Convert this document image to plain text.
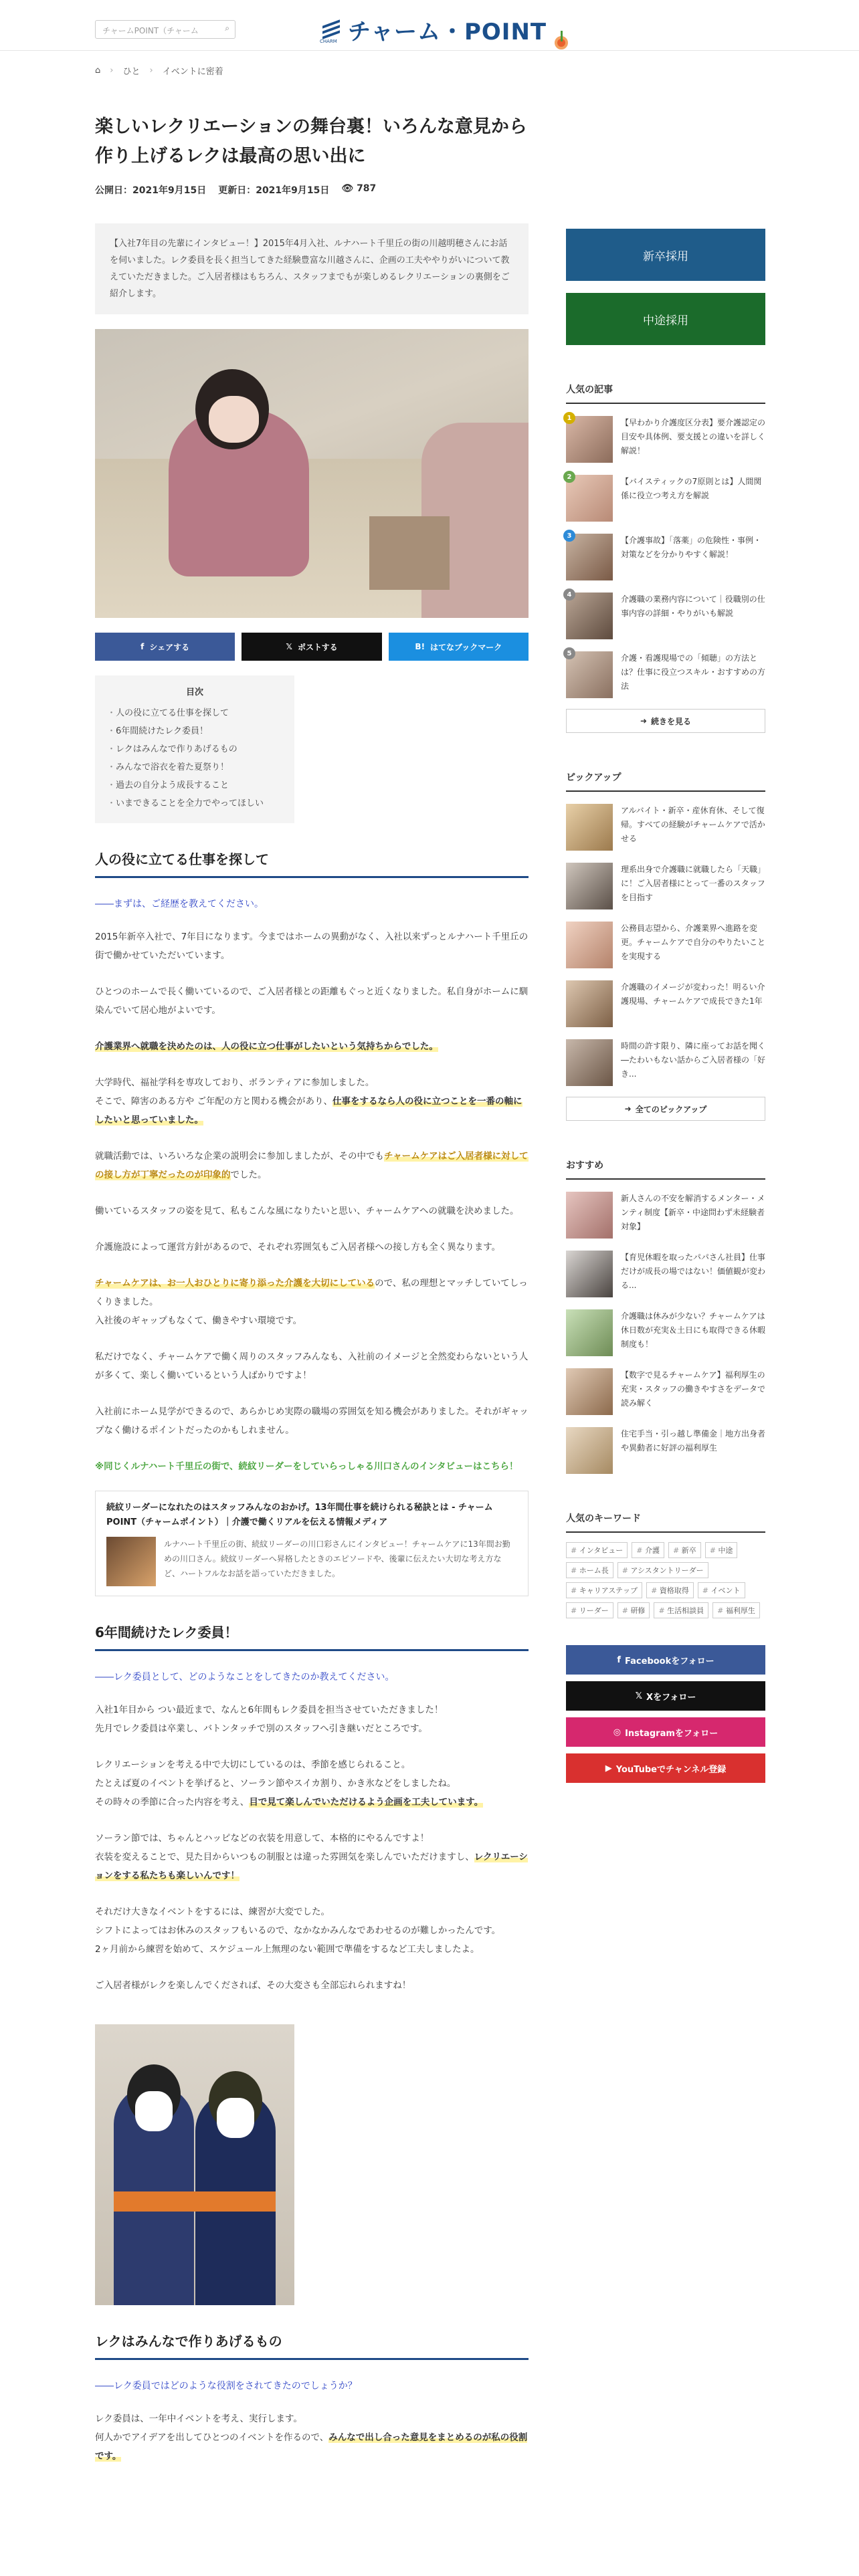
チャームPOINT（チャーム	⌕
CHARM チャーム・POINT
⌂ › ひと › イベントに密着
楽しいレクリエーションの舞台裏！いろんな意見から作り上げるレクは最高の思い出に
公開日：2021年9月15日 更新日：2021年9月15日 👁 787
【入社7年目の先輩にインタビュー！】2015年4月入社、ルナハート千里丘の街の川越明穂さんにお話を伺いました。レク委員を長く担当してきた経験豊富な川越さんに、企画の工夫ややりがいについて教えていただきました。ご入居者様はもちろん、スタッフまでもが楽しめるレクリエーションの裏側をご紹介します。
f シェアする	𝕏 ポストする	B! はてなブックマーク
目次
・ 人の役に立てる仕事を探して
・ 6年間続けたレク委員！
・ レクはみんなで作りあげるもの
・ みんなで浴衣を着た夏祭り！
・ 過去の自分よう成長すること
・ いまできることを全力でやってほしい
人の役に立てる仕事を探して
――まずは、ご経歴を教えてください。
2015年新卒入社で、7年目になります。今まではホームの異動がなく、入社以来ずっとルナハート千里丘の街で働かせていただいています。
ひとつのホームで長く働いているので、ご入居者様との距離もぐっと近くなりました。私自身がホームに馴染んでいて居心地がよいです。
介護業界へ就職を決めたのは、人の役に立つ仕事がしたいという気持ちからでした。
大学時代、福祉学科を専攻しており、ボランティアに参加しました。
そこで、障害のある方や ご年配の方と関わる機会があり、仕事をするなら人の役に立つことを一番の軸にしたいと思っていました。
就職活動では、いろいろな企業の説明会に参加しましたが、その中でもチャームケアはご入居者様に対して の接し方が丁寧だったのが印象的でした。
働いているスタッフの姿を見て、私もこんな風になりたいと思い、チャームケアへの就職を決めました。
介護施設によって運営方針があるので、それぞれ雰囲気もご入居者様への接し方も全く異なります。
チャームケアは、お一人おひとりに寄り添った介護を大切にしているので、私の理想とマッチしていてしっくりきました。
入社後のギャップもなくて、働きやすい環境です。
私だけでなく、チャームケアで働く周りのスタッフみんなも、入社前のイメージと全然変わらないという人が多くて、楽しく働いているという人ばかりですよ！
入社前にホーム見学ができるので、あらかじめ実際の職場の雰囲気を知る機会がありました。それがギャップなく働けるポイントだったのかもしれません。
※同じくルナハート千里丘の街で、続紋リーダーをしていらっしゃる川口さんのインタビューはこちら！
続紋リーダーになれたのはスタッフみんなのおかげ。13年間仕事を続けられる秘訣とは - チャームPOINT（チャームポイント）｜介護で働くリアルを伝える情報メディア
ルナハート千里丘の街、続紋リーダーの川口彩さんにインタビュー！チャームケアに13年間お勤めの川口さん。続紋リーダーへ昇格したときのエピソードや、後輩に伝えたい大切な考え方など、ハートフルなお話を語っていただきました。
6年間続けたレク委員！
――レク委員として、どのようなことをしてきたのか教えてください。
入社1年目から つい最近まで、なんと6年間もレク委員を担当させていただきました！
先月でレク委員は卒業し、バトンタッチで別のスタッフへ引き継いだところです。
レクリエーションを考える中で大切にしているのは、季節を感じられること。
たとえば夏のイベントを挙げると、ソーラン節やスイカ割り、かき氷などをしましたね。
その時々の季節に合った内容を考え、目で見て楽しんでいただけるよう企画を工夫しています。
ソーラン節では、ちゃんとハッピなどの衣装を用意して、本格的にやるんですよ！
衣装を変えることで、見た目からいつもの制服とは違った雰囲気を楽しんでいただけますし、レクリエーションをする私たちも楽しいんです！
それだけ大きなイベントをするには、練習が大変でした。
シフトによってはお休みのスタッフもいるので、なかなかみんなであわせるのが難しかったんです。
2ヶ月前から練習を始めて、スケジュール上無理のない範囲で準備をするなど工夫しましたよ。
ご入居者様がレクを楽しんでくだされば、その大変さも全部忘れられますね！
レクはみんなで作りあげるもの
――レク委員ではどのような役割をされてきたのでしょうか？
レク委員は、一年中イベントを考え、実行します。
何人かでアイデアを出してひとつのイベントを作るので、みんなで出し合った意見をまとめるのが私の役割です。
新卒採用
中途採用
人気の記事
1	【早わかり介護度区分表】要介護認定の目安や具体例、要支援との違いを詳しく解説！
2	【バイスティックの7原則とは】人間関係に役立つ考え方を解説
3	【介護事故】「落薬」の危険性・事例・対策などを分かりやすく解説！
4	介護職の業務内容について｜役職別の仕事内容の詳細・やりがいも解説
5	介護・看護現場での「傾聴」の方法とは？仕事に役立つスキル・おすすめの方法
➜ 続きを見る
ピックアップ
アルバイト・新卒・産休育休、そして復帰。すべての経験がチャームケアで活かせる
理系出身で介護職に就職したら「天職」に！ご入居者様にとって一番のスタッフを目指す
公務員志望から、介護業界へ進路を変更。チャームケアで自分のやりたいことを実現する
介護職のイメージが変わった！明るい介護現場、チャームケアで成長できた1年
時間の許す限り、隣に座ってお話を聞く―たわいもない話からご入居者様の「好き...
➜ 全てのピックアップ
おすすめ
新人さんの不安を解消するメンター・メンティ制度【新卒・中途問わず未経験者対象】
【育児休暇を取ったパパさん社員】仕事だけが成長の場ではない！価値観が変わる...
介護職は休みが少ない？チャームケアは休日数が充実＆土日にも取得できる休暇制度も！
【数字で見るチャームケア】福利厚生の充実・スタッフの働きやすさをデータで読み解く
住宅手当・引っ越し準備金｜地方出身者や異動者に好評の福利厚生
人気のキーワード
# インタビュー	# 介護	# 新卒	# 中途
# ホーム長	# アシスタントリーダー
# キャリアステップ	# 資格取得	# イベント
# リーダー	# 研修	# 生活相談員	# 福利厚生
f Facebookをフォロー
𝕏 Xをフォロー
◎ Instagramをフォロー
▶ YouTubeでチャンネル登録
